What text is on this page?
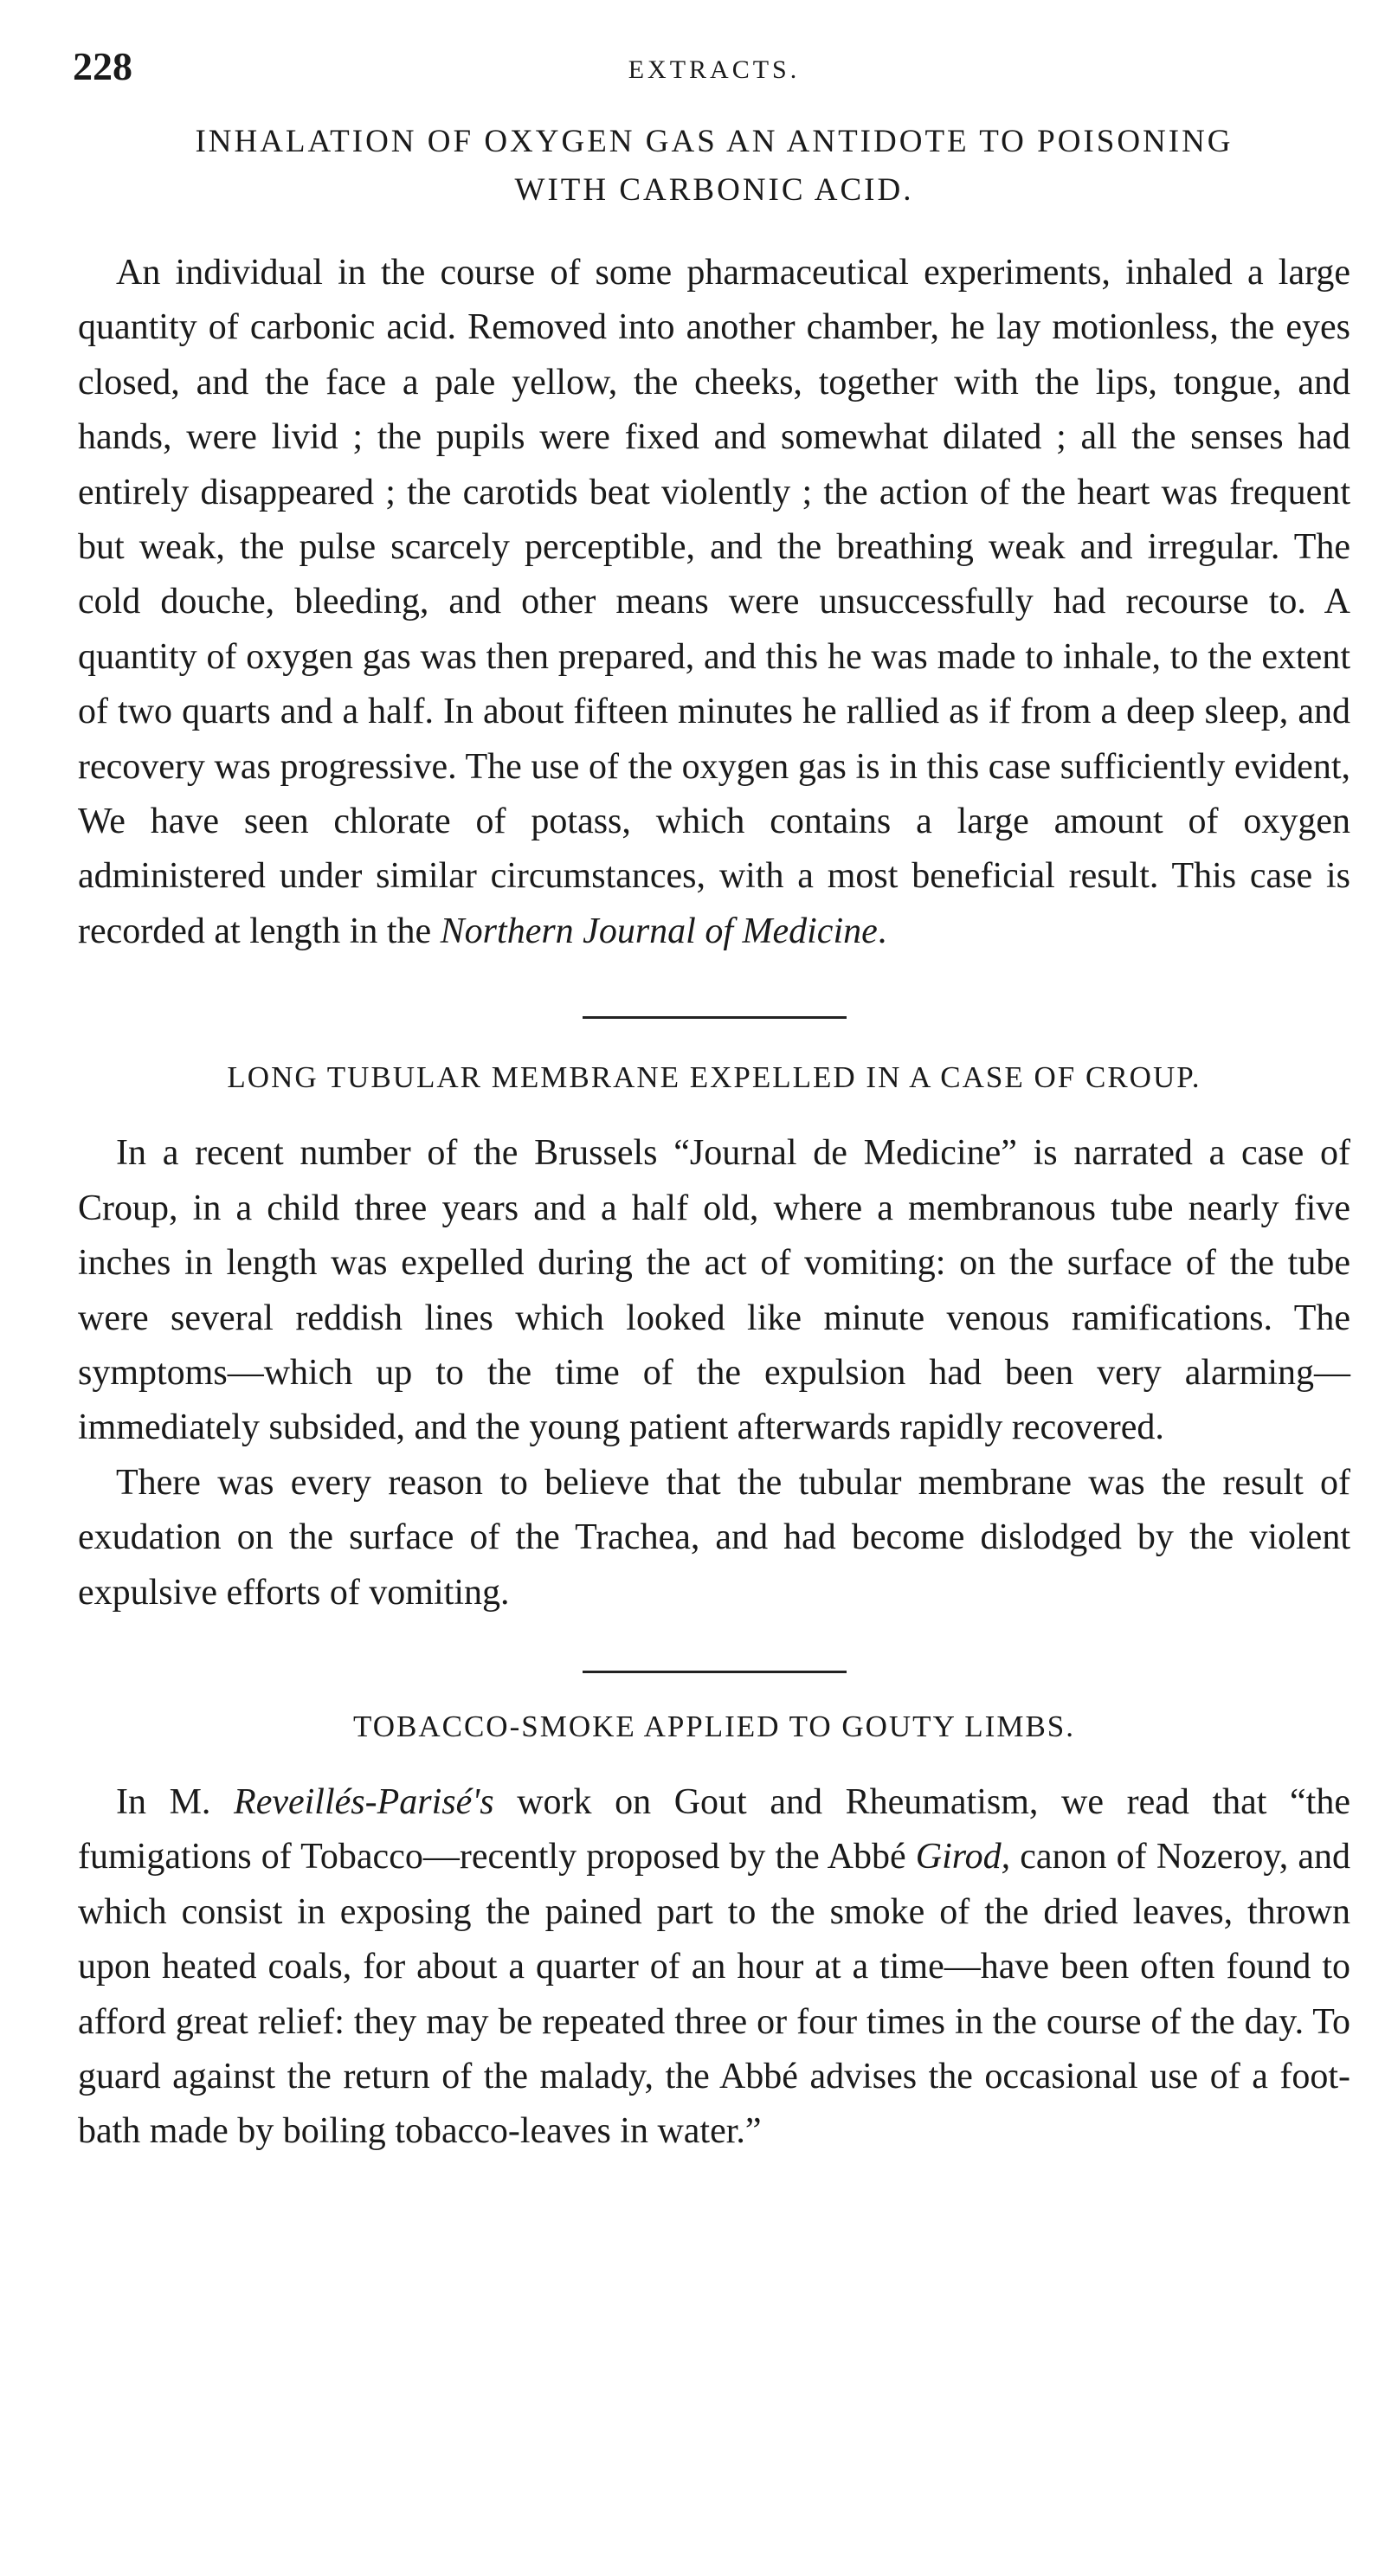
228	EXTRACTS.
INHALATION OF OXYGEN GAS AN ANTIDOTE TO POISONING
WITH CARBONIC ACID.

An individual in the course of some pharmaceutical experiments, inhaled a large quantity of carbonic acid. Removed into another chamber, he lay motionless, the eyes closed, and the face a pale yellow, the cheeks, together with the lips, tongue, and hands, were livid ; the pupils were fixed and somewhat dilated ; all the senses had entirely disappeared ; the carotids beat violently ; the action of the heart was frequent but weak, the pulse scarcely perceptible, and the breathing weak and irregular. The cold douche, bleeding, and other means were unsuccessfully had recourse to. A quantity of oxygen gas was then prepared, and this he was made to inhale, to the extent of two quarts and a half. In about fifteen minutes he rallied as if from a deep sleep, and recovery was progressive. The use of the oxygen gas is in this case sufficiently evident, We have seen chlorate of potass, which contains a large amount of oxygen administered under similar circumstances, with a most beneficial result. This case is recorded at length in the Northern Journal of Medicine.

LONG TUBULAR MEMBRANE EXPELLED IN A CASE OF CROUP.

In a recent number of the Brussels “Journal de Medicine” is narrated a case of Croup, in a child three years and a half old, where a membranous tube nearly five inches in length was expelled during the act of vomiting: on the surface of the tube were several reddish lines which looked like minute venous ramifications. The symptoms—which up to the time of the expulsion had been very alarming—immediately subsided, and the young patient afterwards rapidly recovered.

There was every reason to believe that the tubular membrane was the result of exudation on the surface of the Trachea, and had become dislodged by the violent expulsive efforts of vomiting.

TOBACCO-SMOKE APPLIED TO GOUTY LIMBS.

In M. Reveillés-Parisé's work on Gout and Rheumatism, we read that “the fumigations of Tobacco—recently proposed by the Abbé Girod, canon of Nozeroy, and which consist in exposing the pained part to the smoke of the dried leaves, thrown upon heated coals, for about a quarter of an hour at a time—have been often found to afford great relief: they may be repeated three or four times in the course of the day. To guard against the return of the malady, the Abbé advises the occasional use of a foot-bath made by boiling tobacco-leaves in water.”
